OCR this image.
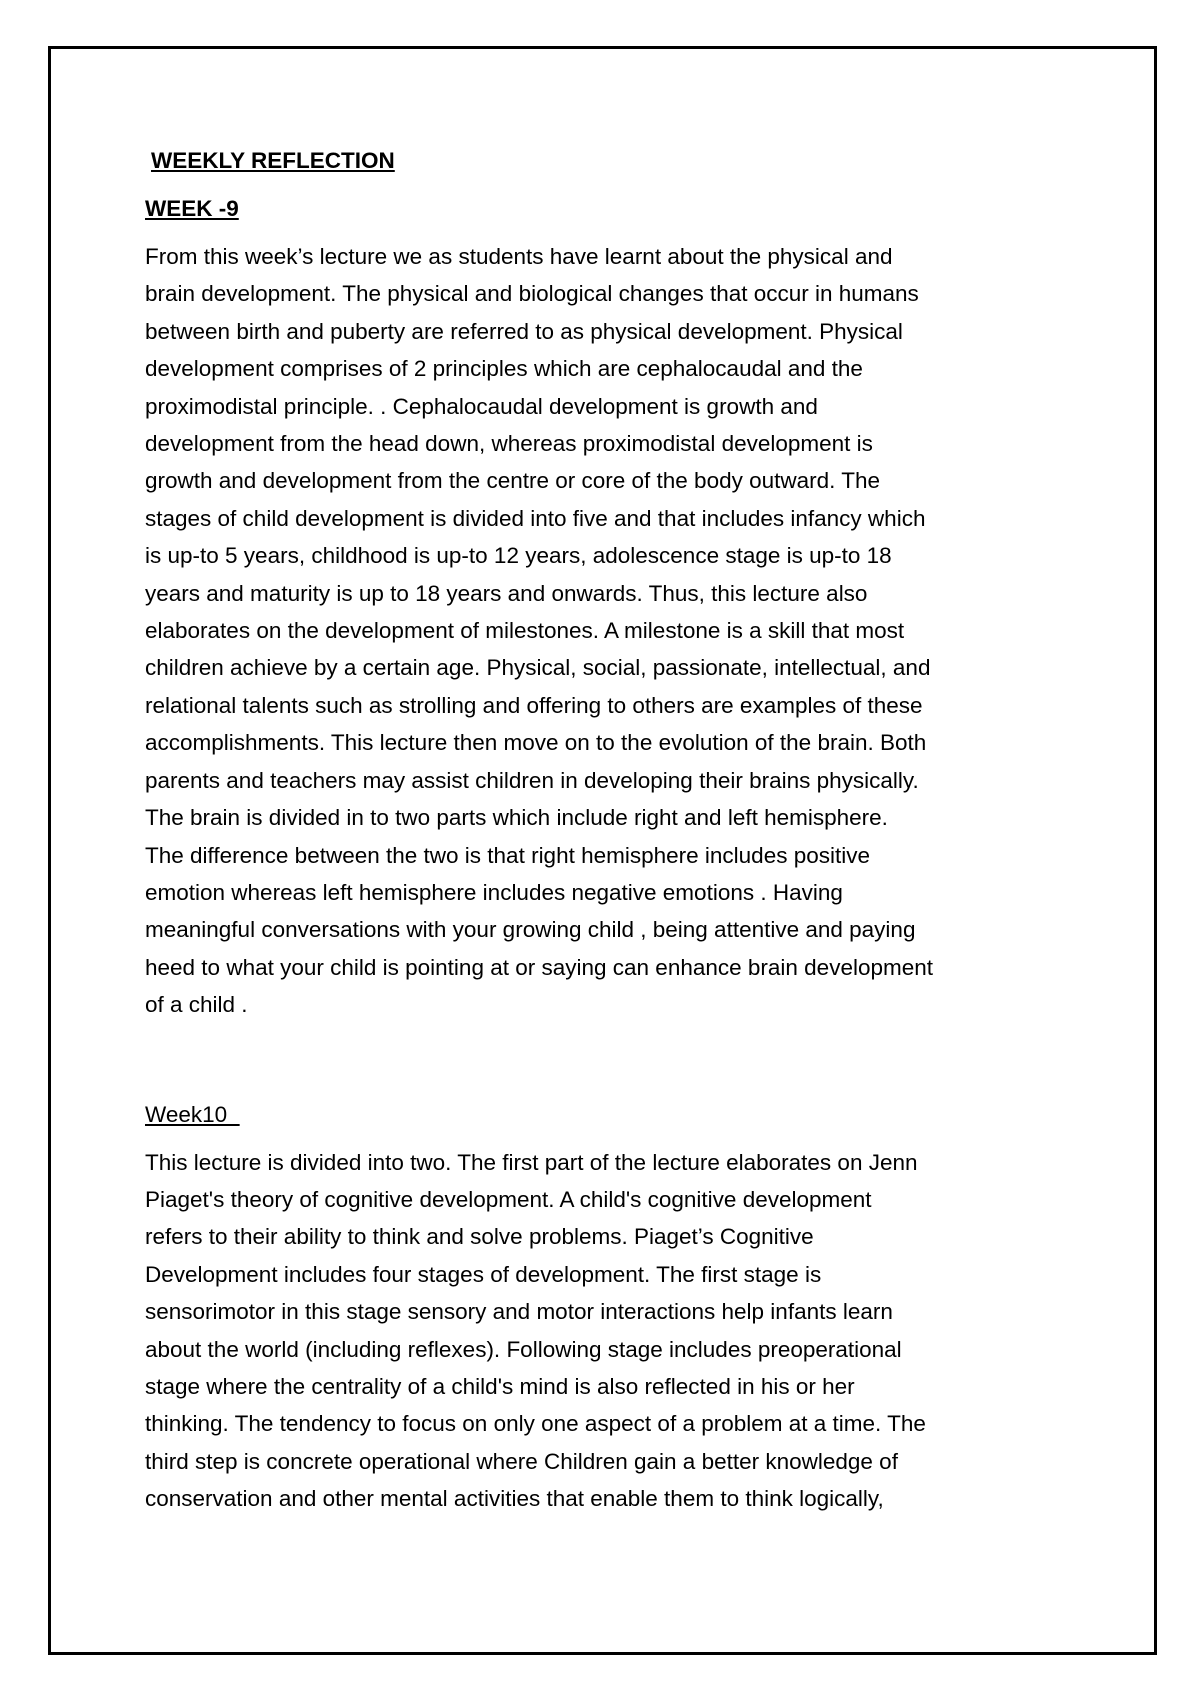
WEEKLY REFLECTION
WEEK -9

From this week’s lecture we as students have learnt about the physical and
brain development. The physical and biological changes that occur in humans
between birth and puberty are referred to as physical development. Physical
development comprises of 2 principles which are cephalocaudal and the
proximodistal principle. . Cephalocaudal development is growth and
development from the head down, whereas proximodistal development is
growth and development from the centre or core of the body outward. The
stages of child development is divided into five and that includes infancy which
is up-to 5 years, childhood is up-to 12 years, adolescence stage is up-to 18
years and maturity is up to 18 years and onwards. Thus, this lecture also
elaborates on the development of milestones. A milestone is a skill that most
children achieve by a certain age. Physical, social, passionate, intellectual, and
relational talents such as strolling and offering to others are examples of these
accomplishments. This lecture then move on to the evolution of the brain. Both
parents and teachers may assist children in developing their brains physically.
The brain is divided in to two parts which include right and left hemisphere.
The difference between the two is that right hemisphere includes positive
emotion whereas left hemisphere includes negative emotions . Having
meaningful conversations with your growing child , being attentive and paying
heed to what your child is pointing at or saying can enhance brain development
of a child .

Week10

This lecture is divided into two. The first part of the lecture elaborates on Jenn
Piaget's theory of cognitive development. A child's cognitive development
refers to their ability to think and solve problems. Piaget’s Cognitive
Development includes four stages of development. The first stage is
sensorimotor in this stage sensory and motor interactions help infants learn
about the world (including reflexes). Following stage includes preoperational
stage where the centrality of a child's mind is also reflected in his or her
thinking. The tendency to focus on only one aspect of a problem at a time. The
third step is concrete operational where Children gain a better knowledge of
conservation and other mental activities that enable them to think logically,
